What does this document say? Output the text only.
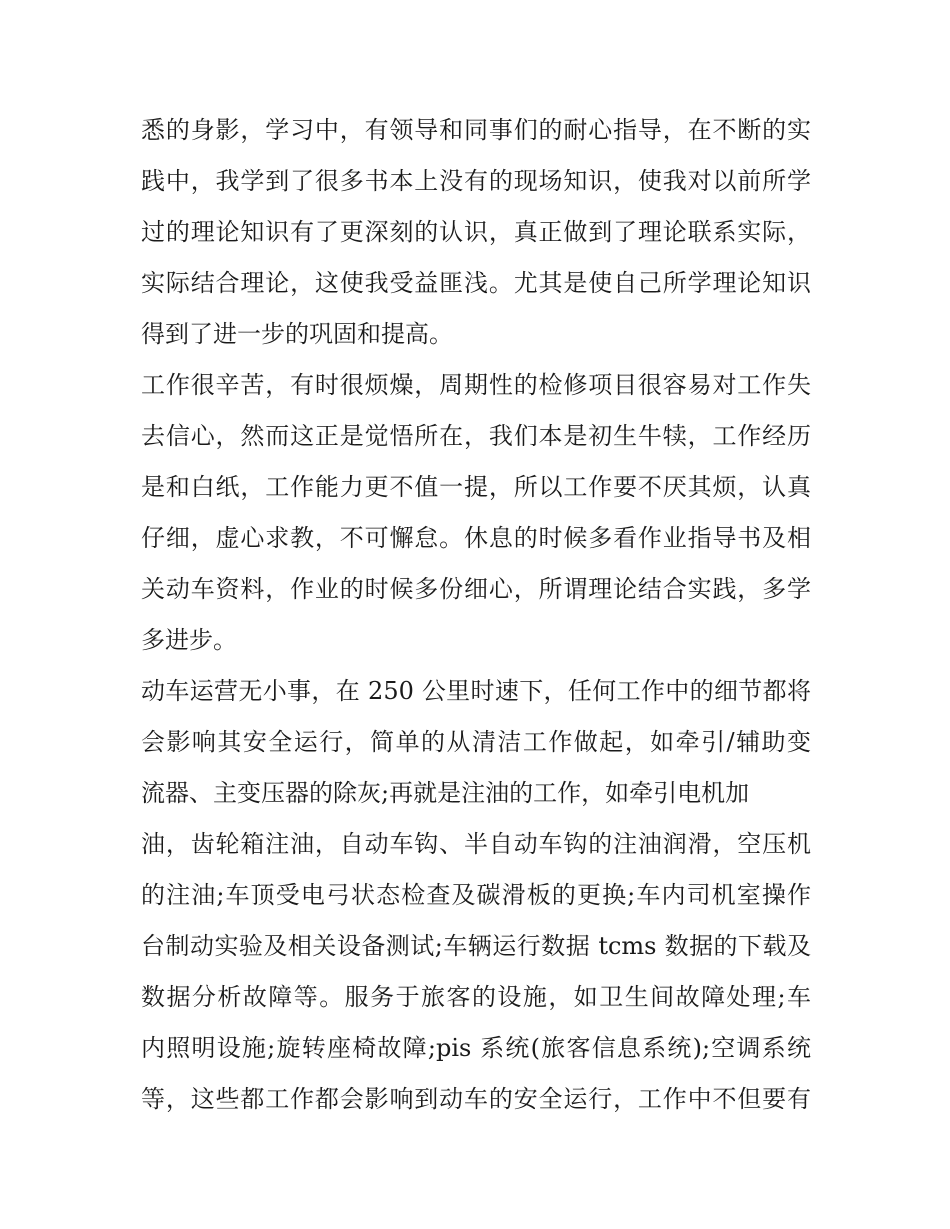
悉的身影，学习中，有领导和同事们的耐心指导，在不断的实
践中，我学到了很多书本上没有的现场知识，使我对以前所学
过的理论知识有了更深刻的认识，真正做到了理论联系实际，
实际结合理论，这使我受益匪浅。尤其是使自己所学理论知识
得到了进一步的巩固和提高。
工作很辛苦，有时很烦燥，周期性的检修项目很容易对工作失
去信心，然而这正是觉悟所在，我们本是初生牛犊，工作经历
是和白纸，工作能力更不值一提，所以工作要不厌其烦，认真
仔细，虚心求教，不可懈怠。休息的时候多看作业指导书及相
关动车资料，作业的时候多份细心，所谓理论结合实践，多学
多进步。
动车运营无小事，在 250 公里时速下，任何工作中的细节都将
会影响其安全运行，简单的从清洁工作做起，如牵引/辅助变
流器、主变压器的除灰;再就是注油的工作，如牵引电机加
油，齿轮箱注油，自动车钩、半自动车钩的注油润滑，空压机
的注油;车顶受电弓状态检查及碳滑板的更换;车内司机室操作
台制动实验及相关设备测试;车辆运行数据 tcms 数据的下载及
数据分析故障等。服务于旅客的设施，如卫生间故障处理;车
内照明设施;旋转座椅故障;pis 系统(旅客信息系统);空调系统
等，这些都工作都会影响到动车的安全运行，工作中不但要有
